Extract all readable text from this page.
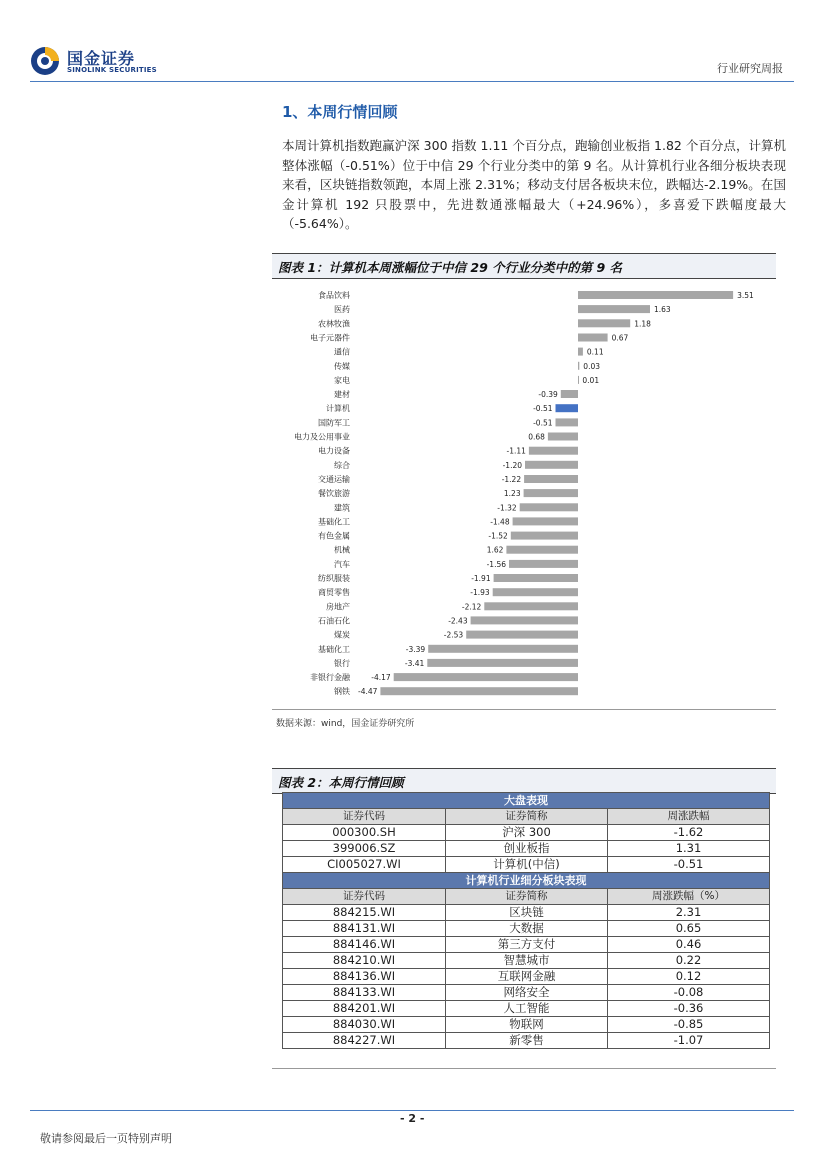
国金证券
SINOLINK SECURITIES	行业研究周报
1、本周行情回顾
本周计算机指数跑赢沪深 300 指数 1.11 个百分点，跑输创业板指 1.82 个百分点，计算机整体涨幅（-0.51%）位于中信 29 个行业分类中的第 9 名。从计算机行业各细分板块表现来看，区块链指数领跑，本周上涨 2.31%；移动支付居各板块末位，跌幅达-2.19%。在国金计算机 192 只股票中，先进数通涨幅最大（+24.96%），多喜爱下跌幅度最大（-5.64%）。
图表 1：计算机本周涨幅位于中信 29 个行业分类中的第 9 名
食品饮料	3.51
医药	1.63
农林牧渔	1.18
电子元器件	0.67
通信	0.11
传媒	0.03
家电	0.01
建材	-0.39
计算机	-0.51
国防军工	-0.51
电力及公用事业	0.68
电力设备	-1.11
综合	-1.20
交通运输	-1.22
餐饮旅游	1.23
建筑	-1.32
基础化工	-1.48
有色金属	-1.52
机械	1.62
汽车	-1.56
纺织服装	-1.91
商贸零售	-1.93
房地产	-2.12
石油石化	-2.43
煤炭	-2.53
基础化工	-3.39
银行	-3.41
非银行金融	-4.17
钢铁 -4.47
数据来源：wind，国金证券研究所
图表 2：本周行情回顾
大盘表现		
证券代码	证券简称	周涨跌幅
000300.SH	沪深 300	-1.62
399006.SZ	创业板指	1.31
CI005027.WI	计算机(中信)	-0.51
计算机行业细分板块表现		
证券代码	证券简称	周涨跌幅（%）
884215.WI	区块链	2.31
884131.WI	大数据	0.65
884146.WI	第三方支付	0.46
884210.WI	智慧城市	0.22
884136.WI	互联网金融	0.12
884133.WI	网络安全	-0.08
884201.WI	人工智能	-0.36
884030.WI	物联网	-0.85
884227.WI	新零售	-1.07
- 2 -
敬请参阅最后一页特别声明
